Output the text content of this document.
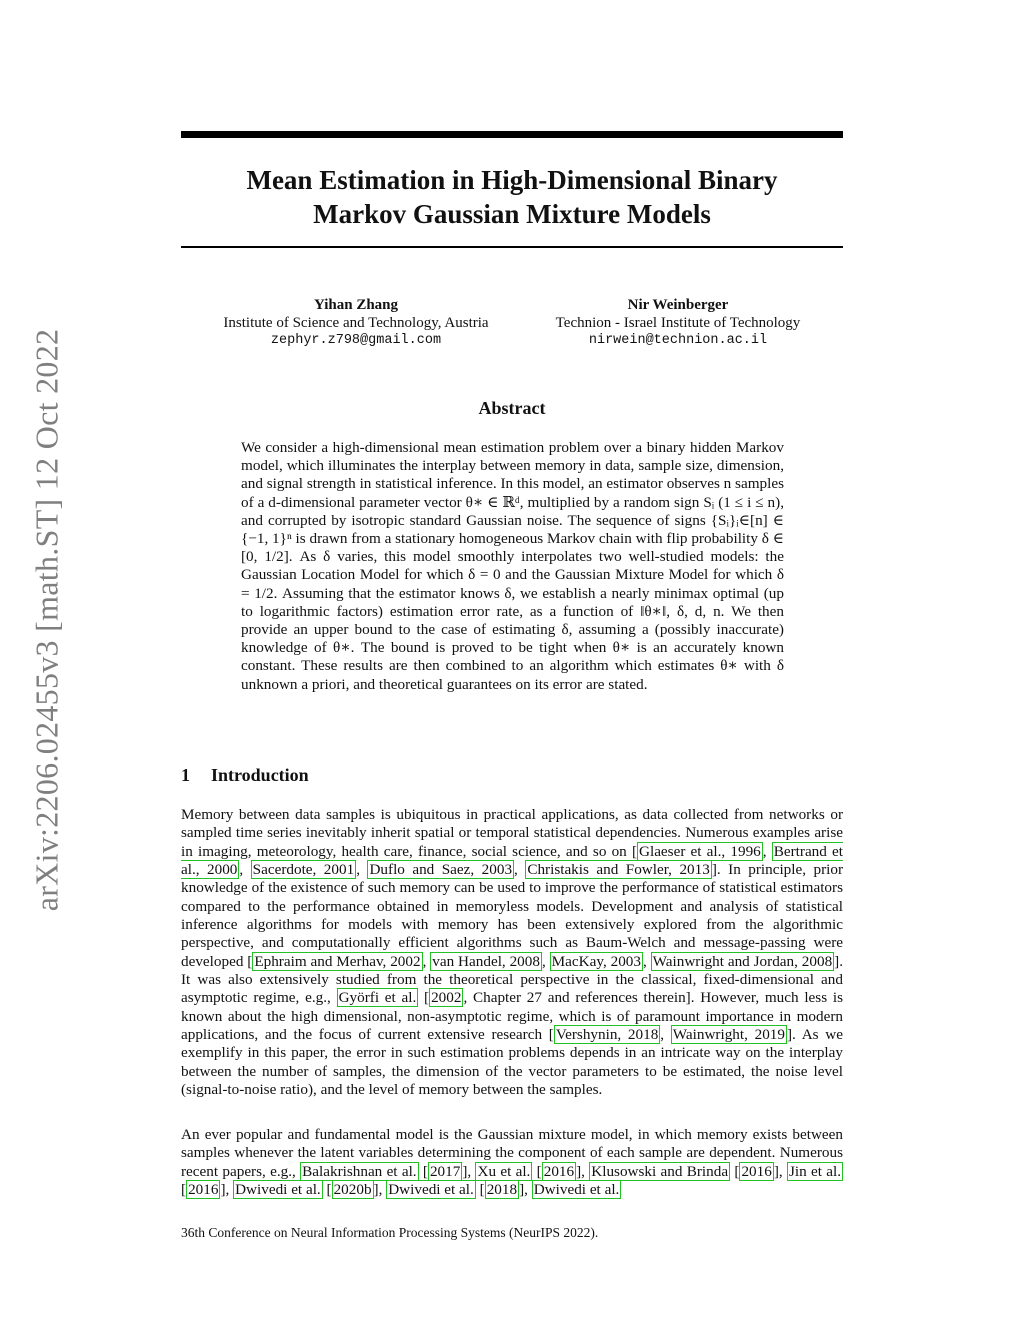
arXiv:2206.02455v3 [math.ST] 12 Oct 2022
Mean Estimation in High-Dimensional Binary
Markov Gaussian Mixture Models
Yihan Zhang
Institute of Science and Technology, Austria
zephyr.z798@gmail.com
Nir Weinberger
Technion - Israel Institute of Technology
nirwein@technion.ac.il
Abstract
We consider a high-dimensional mean estimation problem over a binary hidden Markov model, which illuminates the interplay between memory in data, sample size, dimension, and signal strength in statistical inference. In this model, an estimator observes n samples of a d-dimensional parameter vector θ∗ ∈ ℝᵈ, multiplied by a random sign Sᵢ (1 ≤ i ≤ n), and corrupted by isotropic standard Gaussian noise. The sequence of signs {Sᵢ}ᵢ∈[n] ∈ {−1, 1}ⁿ is drawn from a stationary homogeneous Markov chain with flip probability δ ∈ [0, 1/2]. As δ varies, this model smoothly interpolates two well-studied models: the Gaussian Location Model for which δ = 0 and the Gaussian Mixture Model for which δ = 1/2. Assuming that the estimator knows δ, we establish a nearly minimax optimal (up to logarithmic factors) estimation error rate, as a function of ‖θ∗‖, δ, d, n. We then provide an upper bound to the case of estimating δ, assuming a (possibly inaccurate) knowledge of θ∗. The bound is proved to be tight when θ∗ is an accurately known constant. These results are then combined to an algorithm which estimates θ∗ with δ unknown a priori, and theoretical guarantees on its error are stated.
1 Introduction
Memory between data samples is ubiquitous in practical applications, as data collected from networks or sampled time series inevitably inherit spatial or temporal statistical dependencies. Numerous examples arise in imaging, meteorology, health care, finance, social science, and so on [ Glaeser et al., 1996 , Bertrand et al., 2000 , Sacerdote, 2001 , Duflo and Saez, 2003 , Christakis and Fowler, 2013 ]. In principle, prior knowledge of the existence of such memory can be used to improve the performance of statistical estimators compared to the performance obtained in memoryless models. Development and analysis of statistical inference algorithms for models with memory has been extensively explored from the algorithmic perspective, and computationally efficient algorithms such as Baum-Welch and message-passing were developed [ Ephraim and Merhav, 2002 , van Handel, 2008 , MacKay, 2003 , Wainwright and Jordan, 2008 ]. It was also extensively studied from the theoretical perspective in the classical, fixed-dimensional and asymptotic regime, e.g., Györfi et al. [ 2002 , Chapter 27 and references therein]. However, much less is known about the high dimensional, non-asymptotic regime, which is of paramount importance in modern applications, and the focus of current extensive research [ Vershynin, 2018 , Wainwright, 2019 ]. As we exemplify in this paper, the error in such estimation problems depends in an intricate way on the interplay between the number of samples, the dimension of the vector parameters to be estimated, the noise level (signal-to-noise ratio), and the level of memory between the samples.
An ever popular and fundamental model is the Gaussian mixture model, in which memory exists between samples whenever the latent variables determining the component of each sample are dependent. Numerous recent papers, e.g., Balakrishnan et al. [ 2017 ], Xu et al. [ 2016 ], Klusowski and Brinda [ 2016 ], Jin et al. [ 2016 ], Dwivedi et al. [ 2020b ], Dwivedi et al. [ 2018 ], Dwivedi et al.
36th Conference on Neural Information Processing Systems (NeurIPS 2022).
